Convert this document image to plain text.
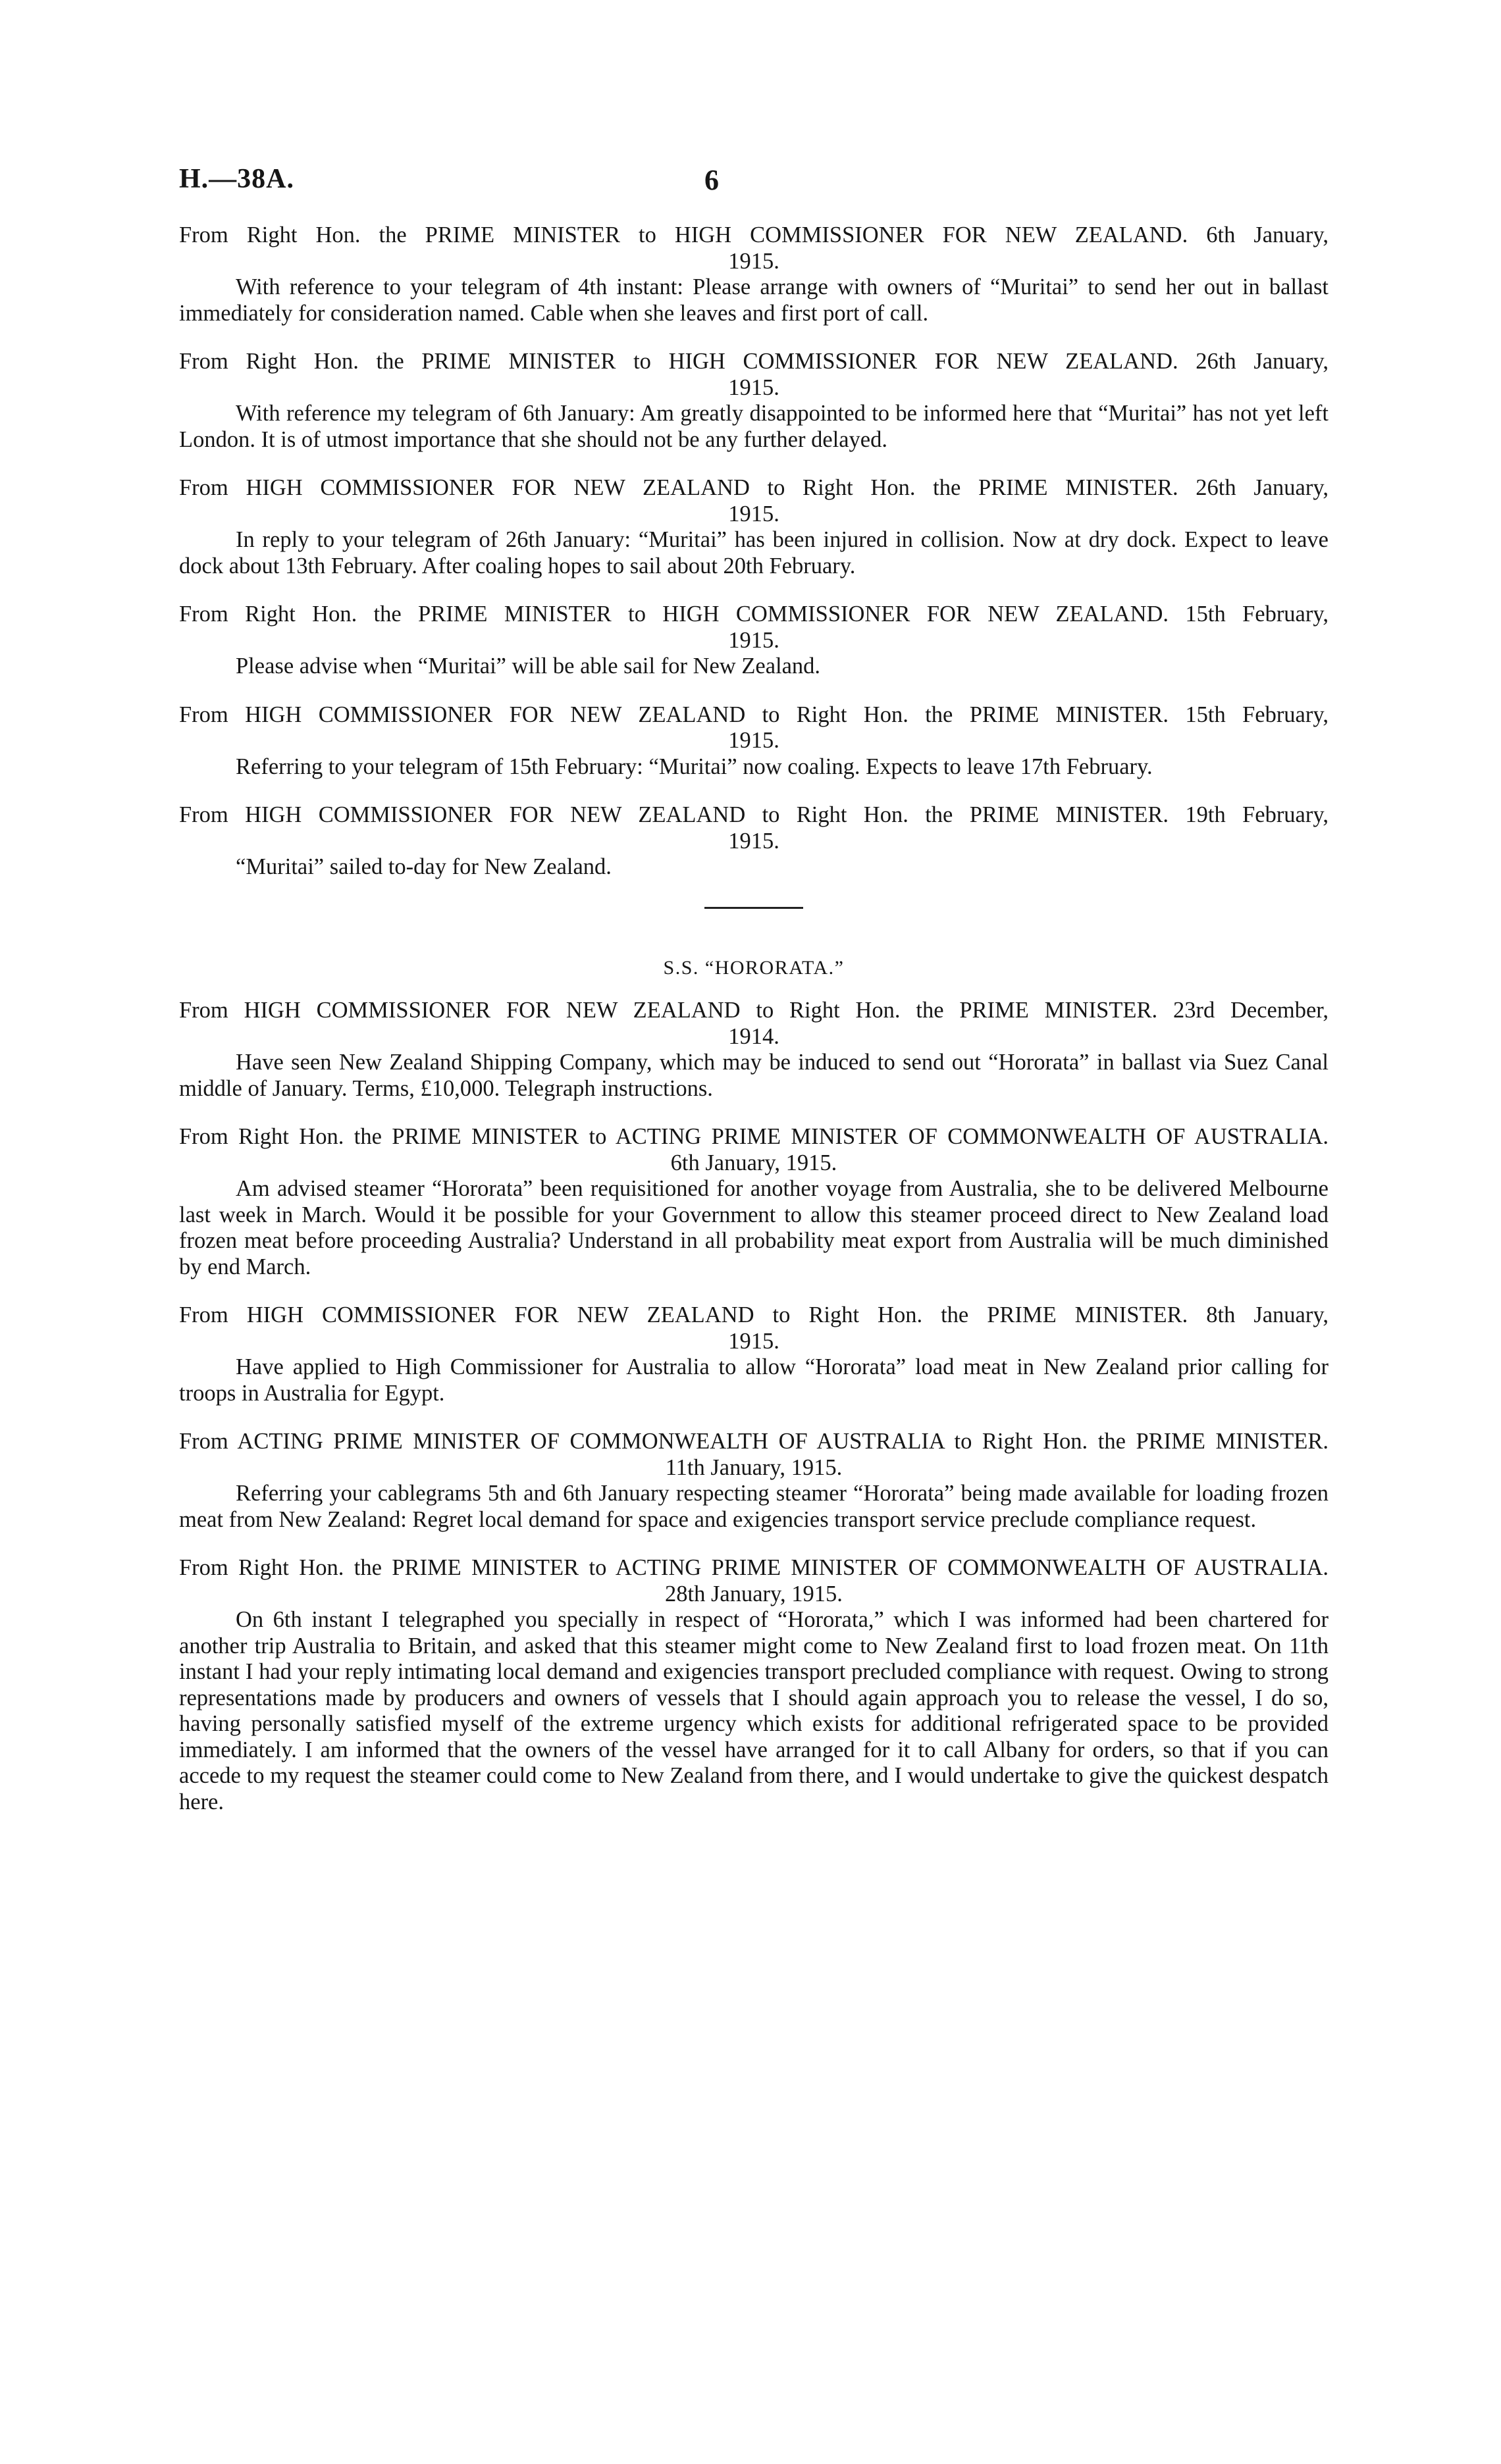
H.—38A.	6
From Right Hon. the PRIME MINISTER to HIGH COMMISSIONER FOR NEW ZEALAND. 6th January,
1915.

With reference to your telegram of 4th instant: Please arrange with owners of “Muritai” to send her out in ballast immediately for consideration named. Cable when she leaves and first port of call.

From Right Hon. the PRIME MINISTER to HIGH COMMISSIONER FOR NEW ZEALAND. 26th January,
1915.

With reference my telegram of 6th January: Am greatly disappointed to be informed here that “Muritai” has not yet left London. It is of utmost importance that she should not be any further delayed.

From HIGH COMMISSIONER FOR NEW ZEALAND to Right Hon. the PRIME MINISTER. 26th January,
1915.

In reply to your telegram of 26th January: “Muritai” has been injured in collision. Now at dry dock. Expect to leave dock about 13th February. After coaling hopes to sail about 20th February.

From Right Hon. the PRIME MINISTER to HIGH COMMISSIONER FOR NEW ZEALAND. 15th February,
1915.

Please advise when “Muritai” will be able sail for New Zealand.

From HIGH COMMISSIONER FOR NEW ZEALAND to Right Hon. the PRIME MINISTER. 15th February,
1915.

Referring to your telegram of 15th February: “Muritai” now coaling. Expects to leave 17th February.

From HIGH COMMISSIONER FOR NEW ZEALAND to Right Hon. the PRIME MINISTER. 19th February,
1915.

“Muritai” sailed to-day for New Zealand.

S.S. “HORORATA.”
From HIGH COMMISSIONER FOR NEW ZEALAND to Right Hon. the PRIME MINISTER. 23rd December,
1914.

Have seen New Zealand Shipping Company, which may be induced to send out “Hororata” in ballast via Suez Canal middle of January. Terms, £10,000. Telegraph instructions.

From Right Hon. the PRIME MINISTER to ACTING PRIME MINISTER OF COMMONWEALTH OF AUSTRALIA.
6th January, 1915.

Am advised steamer “Hororata” been requisitioned for another voyage from Australia, she to be delivered Melbourne last week in March. Would it be possible for your Government to allow this steamer proceed direct to New Zealand load frozen meat before proceeding Australia? Understand in all probability meat export from Australia will be much diminished by end March.

From HIGH COMMISSIONER FOR NEW ZEALAND to Right Hon. the PRIME MINISTER. 8th January,
1915.

Have applied to High Commissioner for Australia to allow “Hororata” load meat in New Zealand prior calling for troops in Australia for Egypt.

From ACTING PRIME MINISTER OF COMMONWEALTH OF AUSTRALIA to Right Hon. the PRIME MINISTER.
11th January, 1915.

Referring your cablegrams 5th and 6th January respecting steamer “Hororata” being made available for loading frozen meat from New Zealand: Regret local demand for space and exigencies transport service preclude compliance request.

From Right Hon. the PRIME MINISTER to ACTING PRIME MINISTER OF COMMONWEALTH OF AUSTRALIA.
28th January, 1915.

On 6th instant I telegraphed you specially in respect of “Hororata,” which I was informed had been chartered for another trip Australia to Britain, and asked that this steamer might come to New Zealand first to load frozen meat. On 11th instant I had your reply intimating local demand and exigencies transport precluded compliance with request. Owing to strong representations made by producers and owners of vessels that I should again approach you to release the vessel, I do so, having personally satisfied myself of the extreme urgency which exists for additional refrigerated space to be provided immediately. I am informed that the owners of the vessel have arranged for it to call Albany for orders, so that if you can accede to my request the steamer could come to New Zealand from there, and I would undertake to give the quickest despatch here.
